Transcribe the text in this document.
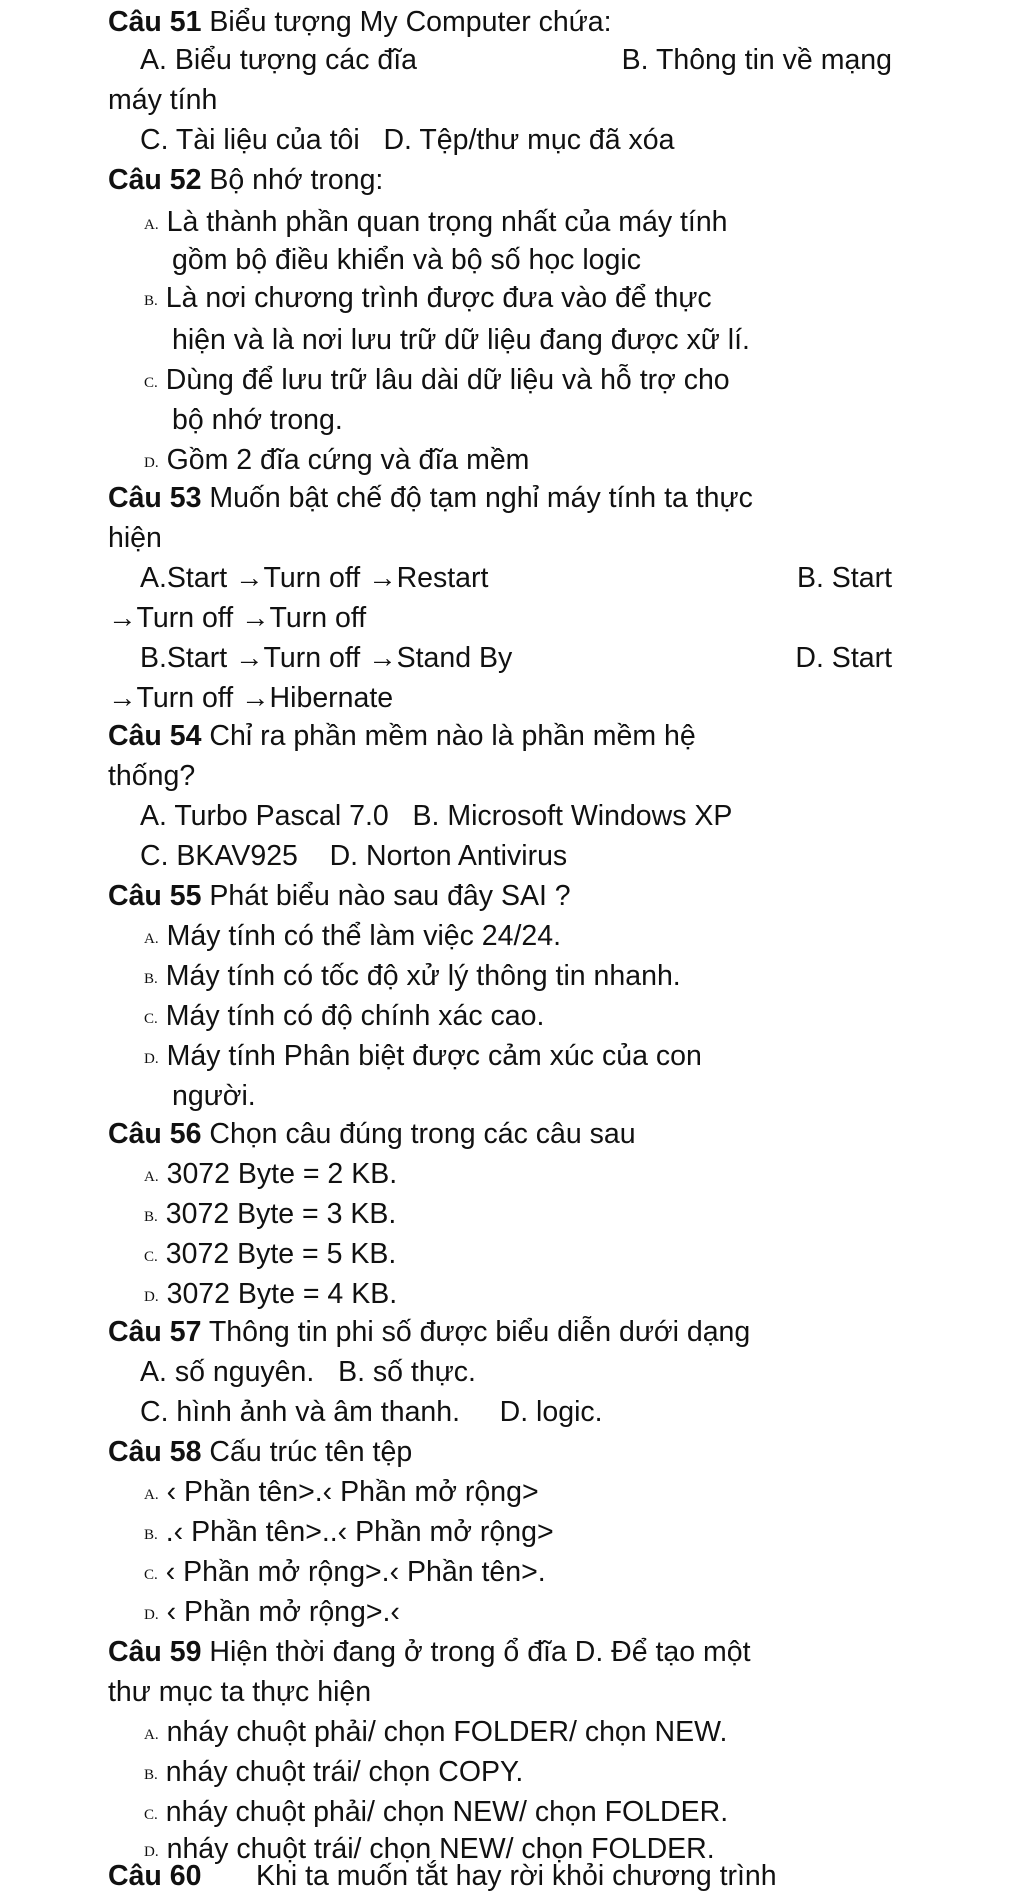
Câu 51 Biểu tượng My Computer chứa:
A. Biểu tượng các đĩa	B. Thông tin về mạng
máy tính
C. Tài liệu của tôi D. Tệp/thư mục đã xóa
Câu 52 Bộ nhớ trong:
A. Là thành phần quan trọng nhất của máy tính
gồm bộ điều khiển và bộ số học logic
B. Là nơi chương trình được đưa vào để thực
hiện và là nơi lưu trữ dữ liệu đang được xữ lí.
C. Dùng để lưu trữ lâu dài dữ liệu và hỗ trợ cho
bộ nhớ trong.
D. Gồm 2 đĩa cứng và đĩa mềm
Câu 53 Muốn bật chế độ tạm nghỉ máy tính ta thực
hiện
A.Start →Turn off →Restart	B. Start
→Turn off →Turn off
B.Start →Turn off →Stand By	D. Start
→Turn off →Hibernate
Câu 54 Chỉ ra phần mềm nào là phần mềm hệ
thống?
A. Turbo Pascal 7.0 B. Microsoft Windows XP
C. BKAV925 D. Norton Antivirus
Câu 55 Phát biểu nào sau đây SAI ?
A. Máy tính có thể làm việc 24/24.
B. Máy tính có tốc độ xử lý thông tin nhanh.
C. Máy tính có độ chính xác cao.
D. Máy tính Phân biệt được cảm xúc của con
người.
Câu 56 Chọn câu đúng trong các câu sau
A. 3072 Byte = 2 KB.
B. 3072 Byte = 3 KB.
C. 3072 Byte = 5 KB.
D. 3072 Byte = 4 KB.
Câu 57 Thông tin phi số được biểu diễn dưới dạng
A. số nguyên. B. số thực.
C. hình ảnh và âm thanh. D. logic.
Câu 58 Cấu trúc tên tệp
A. ‹ Phần tên>.‹ Phần mở rộng>
B. .‹ Phần tên>..‹ Phần mở rộng>
C. ‹ Phần mở rộng>.‹ Phần tên>.
D. ‹ Phần mở rộng>.‹
Câu 59 Hiện thời đang ở trong ổ đĩa D. Để tạo một
thư mục ta thực hiện
A. nháy chuột phải/ chọn FOLDER/ chọn NEW.
B. nháy chuột trái/ chọn COPY.
C. nháy chuột phải/ chọn NEW/ chọn FOLDER.
D. nháy chuột trái/ chọn NEW/ chọn FOLDER.
Câu 60 Khi ta muốn tắt hay rời khỏi chương trình
